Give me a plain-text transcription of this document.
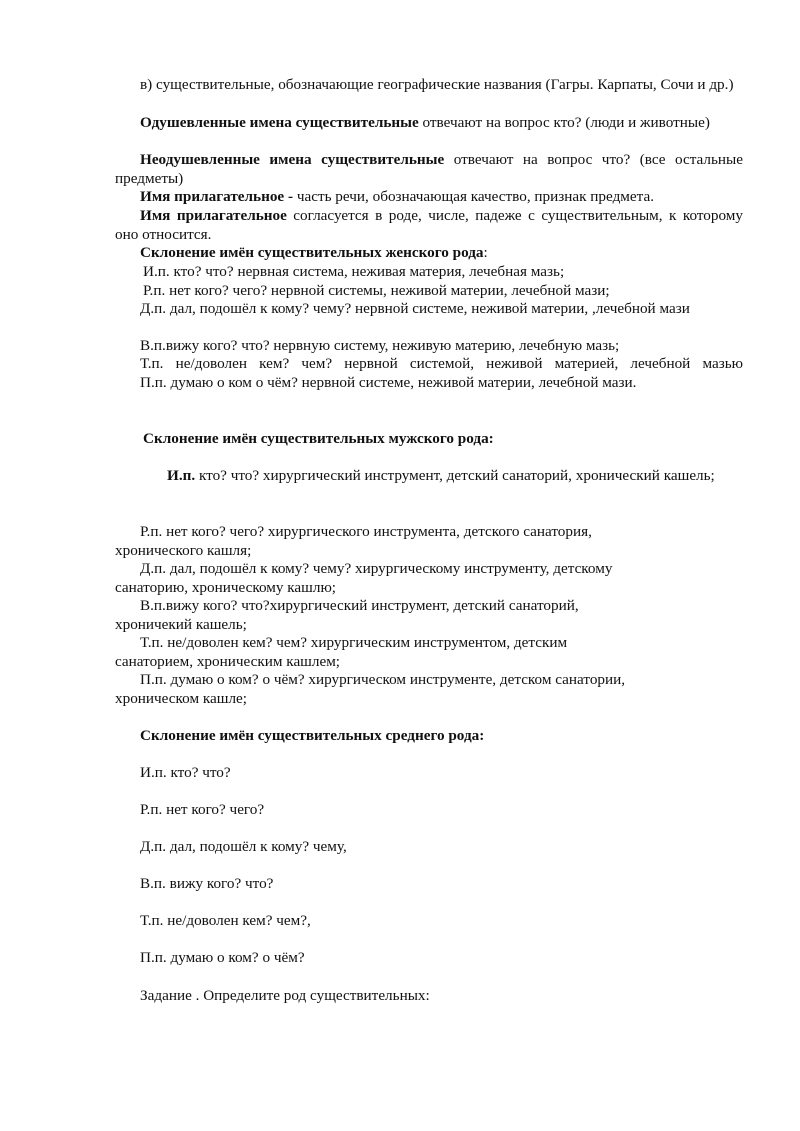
в) существительные, обозначающие географические названия (Гагры. Карпаты, Сочи и др.)

Одушевленные имена существительные отвечают на вопрос кто? (люди и животные)

Неодушевленные имена существительные отвечают на вопрос что? (все остальные предметы)

Имя прилагательное - часть речи, обозначающая качество, признак предмета.

Имя прилагательное согласуется в роде, числе, падеже с существительным, к которому оно относится.

Склонение имён существительных женского рода:

И.п. кто? что? нервная система, неживая материя, лечебная мазь;

Р.п. нет кого? чего? нервной системы, неживой материи, лечебной мази;

Д.п. дал, подошёл к кому? чему? нервной системе, неживой материи, ,лечебной мази

В.п.вижу кого? что? нервную систему, неживую материю, лечебную мазь;

Т.п. не/доволен кем? чем? нервной системой, неживой материей, лечебной мазью

П.п. думаю о ком о чём? нервной системе, неживой материи, лечебной мази.

Склонение имён существительных мужского рода:

И.п. кто? что? хирургический инструмент, детский санаторий, хронический кашель;

Р.п. нет кого? чего? хирургического инструмента, детского санатория, хронического кашля;

Д.п. дал, подошёл к кому? чему? хирургическому инструменту, детскому санаторию, хроническому кашлю;

В.п.вижу кого? что?хирургический инструмент, детский санаторий, хроничекий кашель;

Т.п. не/доволен кем? чем? хирургическим инструментом, детским санаторием, хроническим кашлем;

П.п. думаю о ком? о чём? хирургическом инструменте, детском санатории, хроническом кашле;

Склонение имён существительных среднего рода:

И.п. кто? что?

Р.п. нет кого? чего?

Д.п. дал, подошёл к кому? чему,

В.п. вижу кого? что?

Т.п. не/доволен кем? чем?,

П.п. думаю о ком? о чём?

Задание . Определите род существительных:
